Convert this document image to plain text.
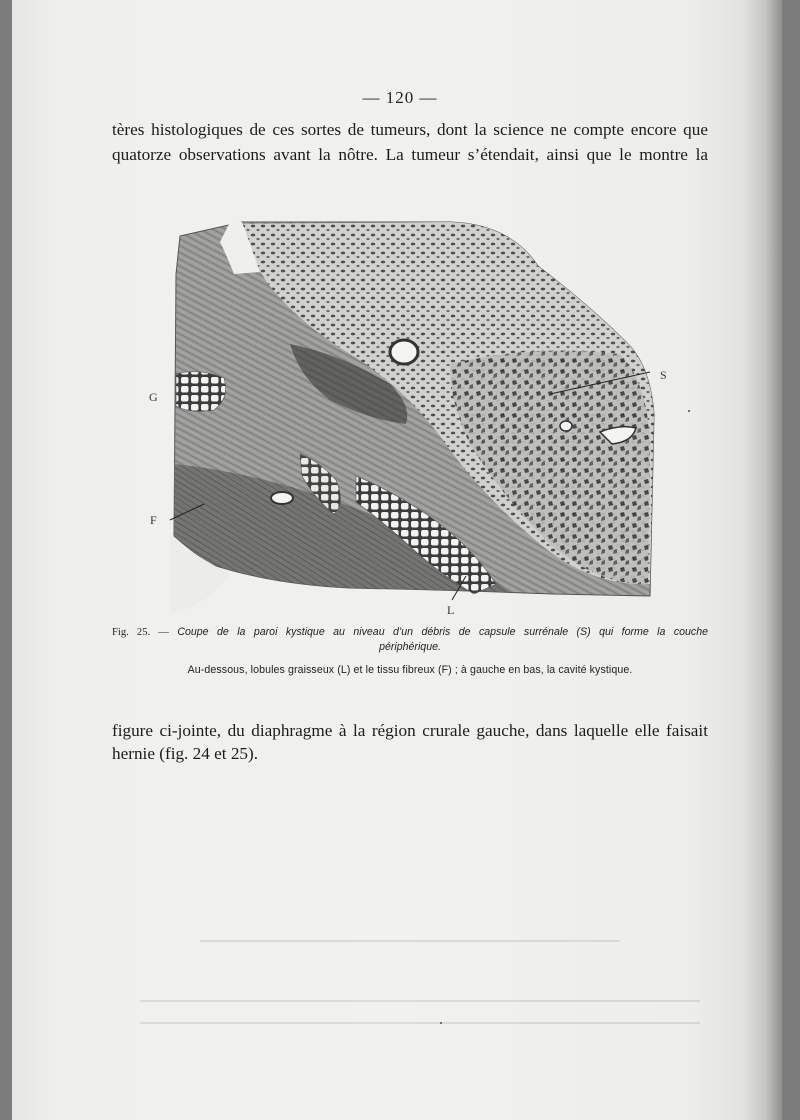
— 120 —

tères histologiques de ces sortes de tumeurs, dont la science ne compte encore que

quatorze observations avant la nôtre. La tumeur s’étendait, ainsi que le montre la

S
G
F
L

Fig. 25. — Coupe de la paroi kystique au niveau d’un débris de capsule surrénale (S) qui forme la couche

périphérique.

Au-dessous, lobules graisseux (L) et le tissu fibreux (F) ; à gauche en bas, la cavité kystique.

figure ci-jointe, du diaphragme à la région crurale gauche, dans laquelle elle faisait

hernie (fig. 24 et 25).
